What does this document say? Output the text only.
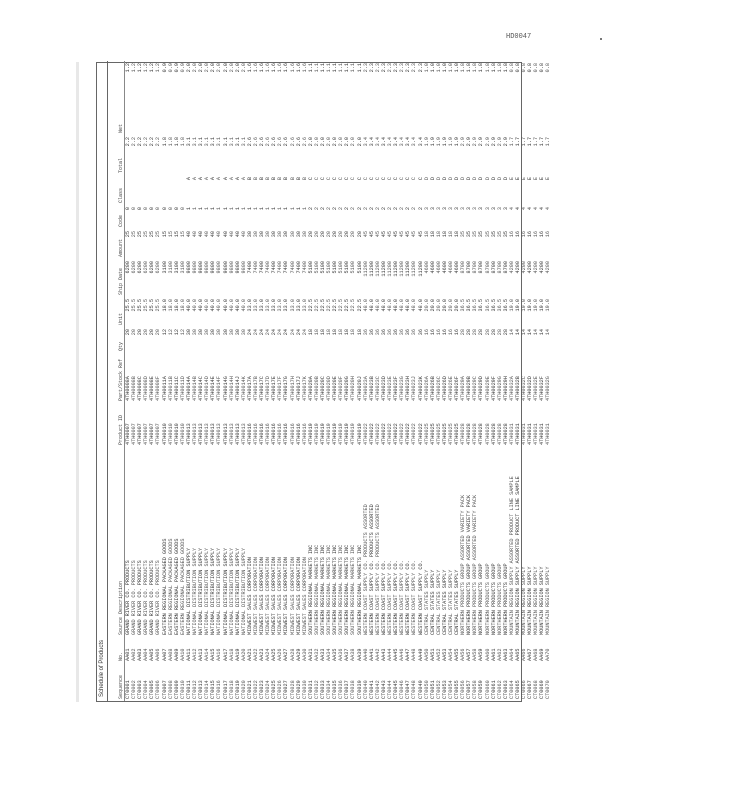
HD0047
Schedule of Products	Sequence	No.	Source Description	Product ID	Part/Stock Ref	Qty	Unit	Ship Date	Amount	Code	Class	Total	Net
CT0001	AA01	GRAND RIVER CO. PRODUCTS	4TH0007	4TH0008A	20	25.5	6200	25	0		2.2	1.2
CT0002	AA02	GRAND RIVER CO. PRODUCTS	4TH0007	4TH0008B	20	25.5	6200	25	0		2.2	1.2
CT0003	AA03	GRAND RIVER CO. PRODUCTS	4TH0007	4TH0008C	20	25.5	6200	25	0		2.2	1.2
CT0004	AA04	GRAND RIVER CO. PRODUCTS	4TH0007	4TH0008D	20	25.5	6200	25	0		2.2	1.2
CT0005	AA05	GRAND RIVER CO. PRODUCTS	4TH0007	4TH0008E	20	25.5	6200	25	0		2.2	1.2
CT0006	AA06	GRAND RIVER CO. PRODUCTS	4TH0007	4TH0008F	20	25.5	6200	25	0		2.2	1.2
CT0007	AA07	EASTERN REGIONAL PACKAGED GOODS	4TH0010	4TH0011A	12	18.0	3100	15	0		1.8	0.9
CT0008	AA08	EASTERN REGIONAL PACKAGED GOODS	4TH0010	4TH0011B	12	18.0	3100	15	0		1.8	0.9
CT0009	AA09	EASTERN REGIONAL PACKAGED GOODS	4TH0010	4TH0011C	12	18.0	3100	15	0		1.8	0.9
CT0010	AA10	EASTERN REGIONAL PACKAGED GOODS	4TH0010	4TH0011D	12	18.0	3100	15	0		1.8	0.9
CT0011	AA11	NATIONAL DISTRIBUTION SUPPLY	4TH0013	4TH0014A	30	40.0	9800	40	1	A	3.1	2.0
CT0012	AA12	NATIONAL DISTRIBUTION SUPPLY	4TH0013	4TH0014B	30	40.0	9800	40	1	A	3.1	2.0
CT0013	AA13	NATIONAL DISTRIBUTION SUPPLY	4TH0013	4TH0014C	30	40.0	9800	40	1	A	3.1	2.0
CT0014	AA14	NATIONAL DISTRIBUTION SUPPLY	4TH0013	4TH0014D	30	40.0	9800	40	1	A	3.1	2.0
CT0015	AA15	NATIONAL DISTRIBUTION SUPPLY	4TH0013	4TH0014E	30	40.0	9800	40	1	A	3.1	2.0
CT0016	AA16	NATIONAL DISTRIBUTION SUPPLY	4TH0013	4TH0014F	30	40.0	9800	40	1	A	3.1	2.0
CT0017	AA17	NATIONAL DISTRIBUTION SUPPLY	4TH0013	4TH0014G	30	40.0	9800	40	1	A	3.1	2.0
CT0018	AA18	NATIONAL DISTRIBUTION SUPPLY	4TH0013	4TH0014H	30	40.0	9800	40	1	A	3.1	2.0
CT0019	AA19	NATIONAL DISTRIBUTION SUPPLY	4TH0013	4TH0014J	30	40.0	9800	40	1	A	3.1	2.0
CT0020	AA20	NATIONAL DISTRIBUTION SUPPLY	4TH0013	4TH0014K	30	40.0	9800	40	1	A	3.1	2.0
CT0021	AA21	MIDWEST SALES CORPORATION	4TH0016	4TH0017A	24	33.0	7400	30	1	B	2.6	1.6
CT0022	AA22	MIDWEST SALES CORPORATION	4TH0016	4TH0017B	24	33.0	7400	30	1	B	2.6	1.6
CT0023	AA23	MIDWEST SALES CORPORATION	4TH0016	4TH0017C	24	33.0	7400	30	1	B	2.6	1.6
CT0024	AA24	MIDWEST SALES CORPORATION	4TH0016	4TH0017D	24	33.0	7400	30	1	B	2.6	1.6
CT0025	AA25	MIDWEST SALES CORPORATION	4TH0016	4TH0017E	24	33.0	7400	30	1	B	2.6	1.6
CT0026	AA26	MIDWEST SALES CORPORATION	4TH0016	4TH0017F	24	33.0	7400	30	1	B	2.6	1.6
CT0027	AA27	MIDWEST SALES CORPORATION	4TH0016	4TH0017G	24	33.0	7400	30	1	B	2.6	1.6
CT0028	AA28	MIDWEST SALES CORPORATION	4TH0016	4TH0017H	24	33.0	7400	30	1	B	2.6	1.6
CT0029	AA29	MIDWEST SALES CORPORATION	4TH0016	4TH0017J	24	33.0	7400	30	1	B	2.6	1.6
CT0030	AA30	MIDWEST SALES CORPORATION	4TH0016	4TH0017K	24	33.0	7400	30	1	B	2.6	1.6
CT0031	AA31	SOUTHERN REGIONAL MARKETS INC	4TH0019	4TH0020A	18	22.5	5100	20	2	C	2.0	1.1
CT0032	AA32	SOUTHERN REGIONAL MARKETS INC	4TH0019	4TH0020B	18	22.5	5100	20	2	C	2.0	1.1
CT0033	AA33	SOUTHERN REGIONAL MARKETS INC	4TH0019	4TH0020C	18	22.5	5100	20	2	C	2.0	1.1
CT0034	AA34	SOUTHERN REGIONAL MARKETS INC	4TH0019	4TH0020D	18	22.5	5100	20	2	C	2.0	1.1
CT0035	AA35	SOUTHERN REGIONAL MARKETS INC	4TH0019	4TH0020E	18	22.5	5100	20	2	C	2.0	1.1
CT0036	AA36	SOUTHERN REGIONAL MARKETS INC	4TH0019	4TH0020F	18	22.5	5100	20	2	C	2.0	1.1
CT0037	AA37	SOUTHERN REGIONAL MARKETS INC	4TH0019	4TH0020G	18	22.5	5100	20	2	C	2.0	1.1
CT0038	AA38	SOUTHERN REGIONAL MARKETS INC	4TH0019	4TH0020H	18	22.5	5100	20	2	C	2.0	1.1
CT0039	AA39	SOUTHERN REGIONAL MARKETS INC	4TH0019	4TH0020J	18	22.5	5100	20	2	C	2.0	1.1
CT0040	AA40	WESTERN COAST SUPPLY CO. PRODUCTS ASSORTED	4TH0022	4TH0023A	36	48.0	11200	45	2	C	3.4	2.3
CT0041	AA41	WESTERN COAST SUPPLY CO. PRODUCTS ASSORTED	4TH0022	4TH0023B	36	48.0	11200	45	2	C	3.4	2.3
CT0042	AA42	WESTERN COAST SUPPLY CO. PRODUCTS ASSORTED	4TH0022	4TH0023C	36	48.0	11200	45	2	C	3.4	2.3
CT0043	AA43	WESTERN COAST SUPPLY CO.	4TH0022	4TH0023D	36	48.0	11200	45	2	C	3.4	2.3
CT0044	AA44	WESTERN COAST SUPPLY CO.	4TH0022	4TH0023E	36	48.0	11200	45	2	C	3.4	2.3
CT0045	AA45	WESTERN COAST SUPPLY CO.	4TH0022	4TH0023F	36	48.0	11200	45	2	C	3.4	2.3
CT0046	AA46	WESTERN COAST SUPPLY CO.	4TH0022	4TH0023G	36	48.0	11200	45	2	C	3.4	2.3
CT0047	AA47	WESTERN COAST SUPPLY CO.	4TH0022	4TH0023H	36	48.0	11200	45	2	C	3.4	2.3
CT0048	AA48	WESTERN COAST SUPPLY CO.	4TH0022	4TH0023J	36	48.0	11200	45	2	C	3.4	2.3
CT0049	AA49	WESTERN COAST SUPPLY CO.	4TH0022	4TH0023K	36	48.0	11200	45	2	C	3.4	2.3
CT0050	AA50	CENTRAL STATES SUPPLY	4TH0025	4TH0026A	16	20.0	4600	18	3	D	1.9	1.0
CT0051	AA51	CENTRAL STATES SUPPLY	4TH0025	4TH0026B	16	20.0	4600	18	3	D	1.9	1.0
CT0052	AA52	CENTRAL STATES SUPPLY	4TH0025	4TH0026C	16	20.0	4600	18	3	D	1.9	1.0
CT0053	AA53	CENTRAL STATES SUPPLY	4TH0025	4TH0026D	16	20.0	4600	18	3	D	1.9	1.0
CT0054	AA54	CENTRAL STATES SUPPLY	4TH0025	4TH0026E	16	20.0	4600	18	3	D	1.9	1.0
CT0055	AA55	CENTRAL STATES SUPPLY	4TH0025	4TH0026F	16	20.0	4600	18	3	D	1.9	1.0
CT0056	AA56	NORTHERN PRODUCTS GROUP ASSORTED VARIETY PACK	4TH0028	4TH0029A	28	36.5	8700	35	3	D	2.9	1.8
CT0057	AA57	NORTHERN PRODUCTS GROUP ASSORTED VARIETY PACK	4TH0028	4TH0029B	28	36.5	8700	35	3	D	2.9	1.8
CT0058	AA58	NORTHERN PRODUCTS GROUP ASSORTED VARIETY PACK	4TH0028	4TH0029C	28	36.5	8700	35	3	D	2.9	1.8
CT0059	AA59	NORTHERN PRODUCTS GROUP	4TH0028	4TH0029D	28	36.5	8700	35	3	D	2.9	1.8
CT0060	AA60	NORTHERN PRODUCTS GROUP	4TH0028	4TH0029E	28	36.5	8700	35	3	D	2.9	1.8
CT0061	AA61	NORTHERN PRODUCTS GROUP	4TH0028	4TH0029F	28	36.5	8700	35	3	D	2.9	1.8
CT0062	AA62	NORTHERN PRODUCTS GROUP	4TH0028	4TH0029G	28	36.5	8700	35	3	D	2.9	1.8
CT0063	AA63	NORTHERN PRODUCTS GROUP	4TH0028	4TH0029H	28	36.5	8700	35	3	D	2.9	1.8
CT0064	AA64	MOUNTAIN REGION SUPPLY ASSORTED PRODUCT LINE SAMPLE	4TH0031	4TH0032A	14	19.0	4200	16	4	E	1.7	0.8
CT0065	AA65	MOUNTAIN REGION SUPPLY ASSORTED PRODUCT LINE SAMPLE	4TH0031	4TH0032B	14	19.0	4200	16	4	E	1.7	0.8
CT0066	AA66	MOUNTAIN REGION SUPPLY	4TH0031	4TH0032C	14	19.0	4200	16	4	E	1.7	0.8
CT0067	AA67	MOUNTAIN REGION SUPPLY	4TH0031	4TH0032D	14	19.0	4200	16	4	E	1.7	0.8
CT0068	AA68	MOUNTAIN REGION SUPPLY	4TH0031	4TH0032E	14	19.0	4200	16	4	E	1.7	0.8
CT0069	AA69	MOUNTAIN REGION SUPPLY	4TH0031	4TH0032F	14	19.0	4200	16	4	E	1.7	0.8
CT0070	AA70	MOUNTAIN REGION SUPPLY	4TH0031	4TH0032G	14	19.0	4200	16	4	E	1.7	0.8
